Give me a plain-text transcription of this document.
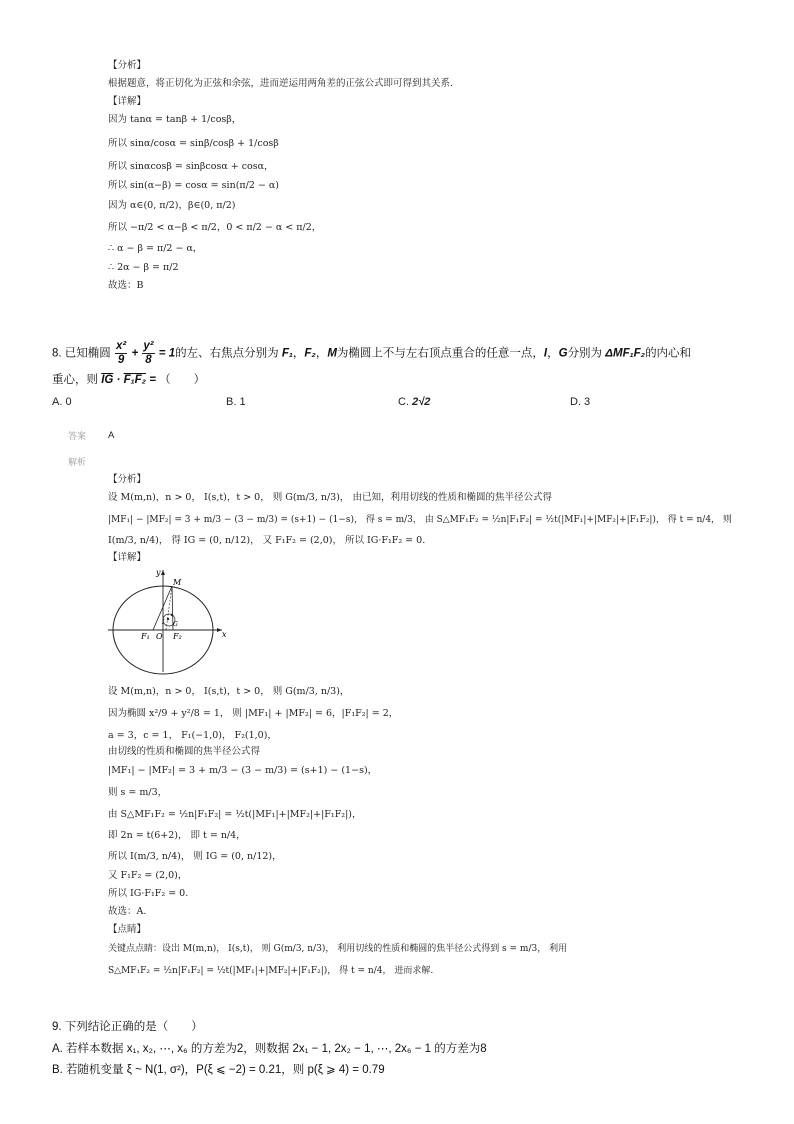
【分析】
根据题意，将正切化为正弦和余弦，进而逆运用两角差的正弦公式即可得到其关系.
【详解】
因为 tanα = tanβ + 1/cosβ，
所以 sinα/cosα = sinβ/cosβ + 1/cosβ
所以 sinαcosβ = sinβcosα + cosα，
所以 sin(α−β) = cosα = sin(π/2 − α)
因为 α∈(0, π/2)，β∈(0, π/2)
所以 −π/2 < α−β < π/2，0 < π/2 − α < π/2，
∴ α − β = π/2 − α，
∴ 2α − β = π/2
故选：B
8. 已知椭圆 $\frac{\text{x²}}{9} + \frac{\text{y²}}{8} = 1$的左、右焦点分别为 F₁，F₂，M为椭圆上不与左右顶点重合的任意一点，I，G分别为 ΔMF₁F₂的内心和
重心，则 $\overline{IG} \cdot F_1F_2$ = （　　）
A. 0	B. 1	C. 2√2	D. 3
答案 A
解析
【分析】
设 M(m,n)，n > 0， I(s,t)，t > 0， 则 G(m/3, n/3)， 由已知，利用切线的性质和椭圆的焦半径公式得
|MF₁| − |MF₂| = 3 + m/3 − (3 − m/3) = (s+1) − (1−s)， 得 s = m/3， 由 S△MF₁F₂ = ½n|F₁F₂| = ½t(|MF₁|+|MF₂|+|F₁F₂|)， 得 t = n/4， 则
I(m/3, n/4)， 得 IG = (0, n/12)， 又 F₁F₂ = (2,0)， 所以 IG·F₁F₂ = 0.
【详解】
y
x
M
F₁ O F₂
I G
设 M(m,n)，n > 0， I(s,t)，t > 0， 则 G(m/3, n/3)，
因为椭圆 x²/9 + y²/8 = 1， 则 |MF₁| + |MF₂| = 6，|F₁F₂| = 2，
a = 3，c = 1， F₁(−1,0)， F₂(1,0)，
由切线的性质和椭圆的焦半径公式得
|MF₁| − |MF₂| = 3 + m/3 − (3 − m/3) = (s+1) − (1−s)，
则 s = m/3，
由 S△MF₁F₂ = ½n|F₁F₂| = ½t(|MF₁|+|MF₂|+|F₁F₂|)，
即 2n = t(6+2)， 即 t = n/4，
所以 I(m/3, n/4)， 则 IG = (0, n/12)，
又 F₁F₂ = (2,0)，
所以 IG·F₁F₂ = 0.
故选：A.
【点睛】
关键点点睛：设出 M(m,n)， I(s,t)， 则 G(m/3, n/3)， 利用切线的性质和椭圆的焦半径公式得到 s = m/3， 利用
S△MF₁F₂ = ½n|F₁F₂| = ½t(|MF₁|+|MF₂|+|F₁F₂|)， 得 t = n/4， 进而求解.
9. 下列结论正确的是（　　）
A. 若样本数据 x₁, x₂, ⋯, x₆ 的方差为2，则数据 2x₁ − 1, 2x₂ − 1, ⋯, 2x₆ − 1 的方差为8
B. 若随机变量 ξ ~ N(1, σ²)，P(ξ ⩽ −2) = 0.21，则 p(ξ ⩾ 4) = 0.79
